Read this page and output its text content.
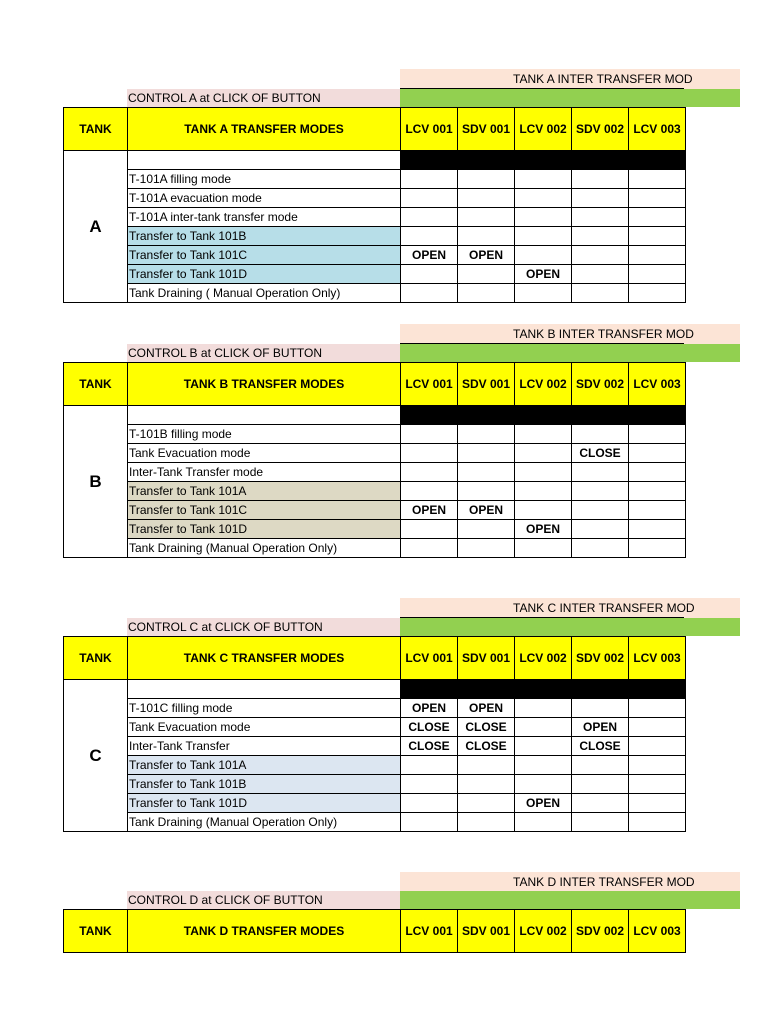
TANK A INTER TRANSFER MOD
CONTROL A at CLICK OF BUTTON
TANK	TANK A TRANSFER MODES	LCV 001	SDV 001	LCV 002	SDV 002	LCV 003
A						
	T-101A filling mode					
	T-101A evacuation mode					
	T-101A inter-tank transfer mode					
	Transfer to Tank 101B					
	Transfer to Tank 101C	OPEN	OPEN			
	Transfer to Tank 101D			OPEN		
	Tank Draining ( Manual Operation Only)					
TANK B INTER TRANSFER MOD
CONTROL B at CLICK OF BUTTON
TANK	TANK B TRANSFER MODES	LCV 001	SDV 001	LCV 002	SDV 002	LCV 003
B						
	T-101B filling mode					
	Tank Evacuation mode				CLOSE	
	Inter-Tank Transfer mode					
	Transfer to Tank 101A					
	Transfer to Tank 101C	OPEN	OPEN			
	Transfer to Tank 101D			OPEN		
	Tank Draining (Manual Operation Only)					
TANK C INTER TRANSFER MOD
CONTROL C at CLICK OF BUTTON
TANK	TANK C TRANSFER MODES	LCV 001	SDV 001	LCV 002	SDV 002	LCV 003
C						
	T-101C filling mode	OPEN	OPEN			
	Tank Evacuation mode	CLOSE	CLOSE		OPEN	
	Inter-Tank Transfer	CLOSE	CLOSE		CLOSE	
	Transfer to Tank 101A					
	Transfer to Tank 101B					
	Transfer to Tank 101D			OPEN		
	Tank Draining (Manual Operation Only)					
TANK D INTER TRANSFER MOD
CONTROL D at CLICK OF BUTTON
TANK	TANK D TRANSFER MODES	LCV 001	SDV 001	LCV 002	SDV 002	LCV 003
